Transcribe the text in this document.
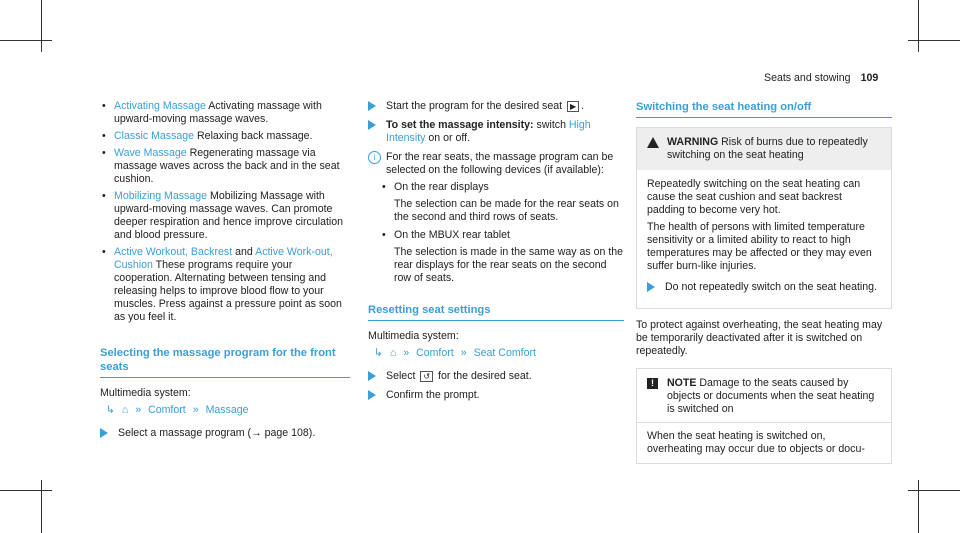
Seats and stowing 109
• Activating Massage Activating massage with upward-moving massage waves.
• Classic Massage Relaxing back massage.
• Wave Massage Regenerating massage via massage waves across the back and in the seat cushion.
• Mobilizing Massage Mobilizing Massage with upward-moving massage waves. Can promote deeper respiration and hence improve circulation and blood pressure.
• Active Workout, Backrest and Active Work-out, Cushion These programs require your cooperation. Alternating between tensing and releasing helps to improve blood flow to your muscles. Press against a pressure point as soon as you feel it.
Selecting the massage program for the front seats
Multimedia system:
↳ ⌂ » Comfort » Massage
Select a massage program (→ page 108).
Start the program for the desired seat ▶ .
To set the massage intensity: switch High Intensity on or off.
i	For the rear seats, the massage program can be selected on the following devices (if available):
• On the rear displays
The selection can be made for the rear seats on the second and third rows of seats.
• On the MBUX rear tablet
The selection is made in the same way as on the rear displays for the rear seats on the second row of seats.
Resetting seat settings
Multimedia system:
↳ ⌂ » Comfort » Seat Comfort
Select ↺ for the desired seat.
Confirm the prompt.
Switching the seat heating on/off
WARNING Risk of burns due to repeatedly switching on the seat heating
Repeatedly switching on the seat heating can cause the seat cushion and seat backrest padding to become very hot.
The health of persons with limited temperature sensitivity or a limited ability to react to high temperatures may be affected or they may even suffer burn-like injuries.
Do not repeatedly switch on the seat heating.
To protect against overheating, the seat heating may be temporarily deactivated after it is switched on repeatedly.
!	NOTE Damage to the seats caused by objects or documents when the seat heating is switched on
When the seat heating is switched on, overheating may occur due to objects or docu-
